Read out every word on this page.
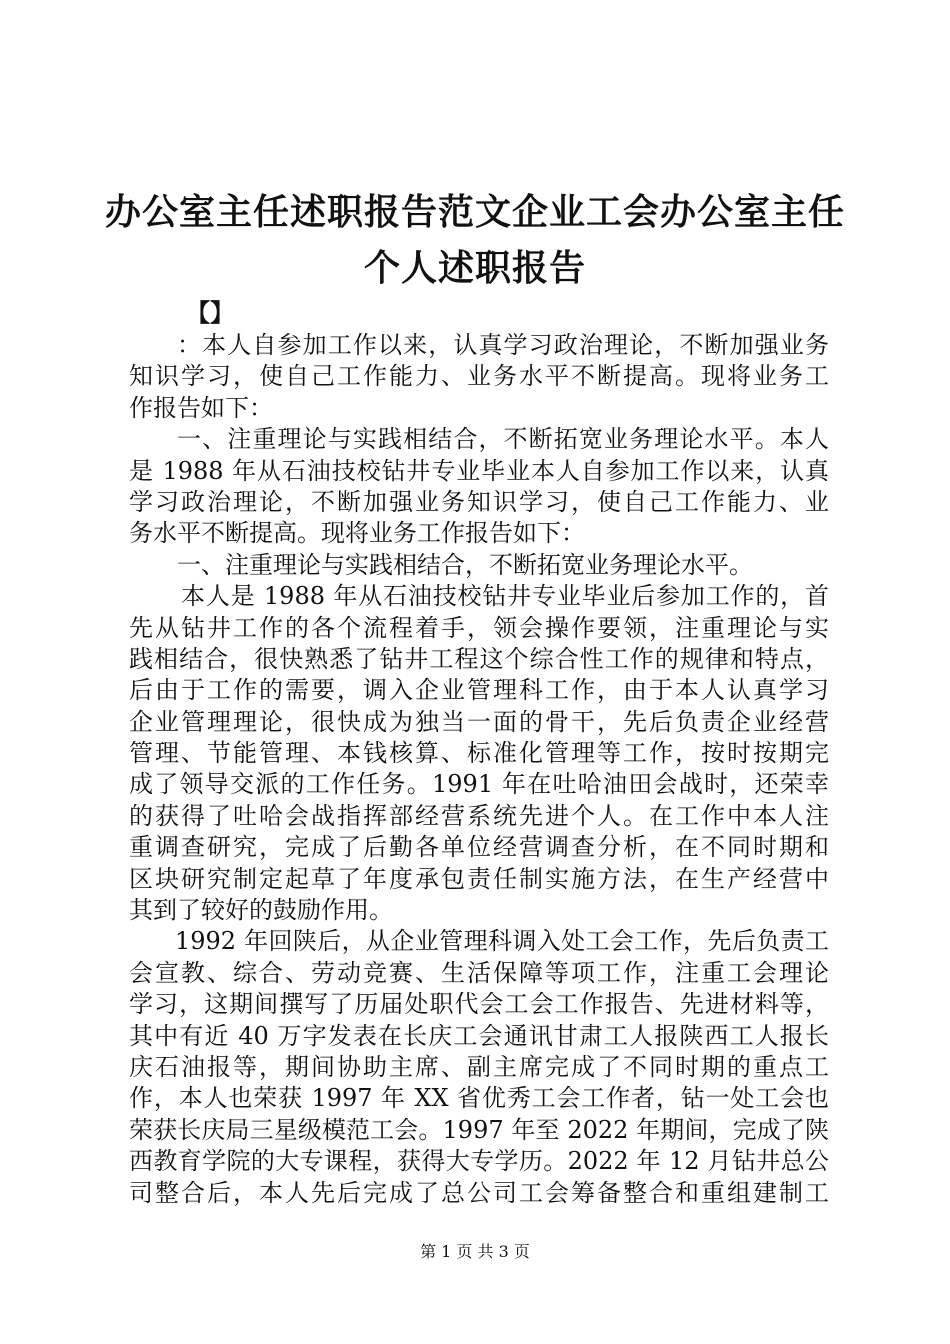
办公室主任述职报告范文企业工会办公室主任
个人述职报告
【】
：本人自参加工作以来，认真学习政治理论，不断加强业务
知识学习，使自己工作能力、业务水平不断提高。现将业务工
作报告如下：
一、注重理论与实践相结合，不断拓宽业务理论水平。本人
是 1988 年从石油技校钻井专业毕业本人自参加工作以来，认真
学习政治理论，不断加强业务知识学习，使自己工作能力、业
务水平不断提高。现将业务工作报告如下：
一、注重理论与实践相结合，不断拓宽业务理论水平。
本人是 1988 年从石油技校钻井专业毕业后参加工作的，首
先从钻井工作的各个流程着手，领会操作要领，注重理论与实
践相结合，很快熟悉了钻井工程这个综合性工作的规律和特点，
后由于工作的需要，调入企业管理科工作，由于本人认真学习
企业管理理论，很快成为独当一面的骨干，先后负责企业经营
管理、节能管理、本钱核算、标准化管理等工作，按时按期完
成了领导交派的工作任务。1991 年在吐哈油田会战时，还荣幸
的获得了吐哈会战指挥部经营系统先进个人。在工作中本人注
重调查研究，完成了后勤各单位经营调查分析，在不同时期和
区块研究制定起草了年度承包责任制实施方法，在生产经营中
其到了较好的鼓励作用。
1992 年回陕后，从企业管理科调入处工会工作，先后负责工
会宣教、综合、劳动竞赛、生活保障等项工作，注重工会理论
学习，这期间撰写了历届处职代会工会工作报告、先进材料等，
其中有近 40 万字发表在长庆工会通讯甘肃工人报陕西工人报长
庆石油报等，期间协助主席、副主席完成了不同时期的重点工
作，本人也荣获 1997 年 XX 省优秀工会工作者，钻一处工会也
荣获长庆局三星级模范工会。1997 年至 2022 年期间，完成了陕
西教育学院的大专课程，获得大专学历。2022 年 12 月钻井总公
司整合后，本人先后完成了总公司工会筹备整合和重组建制工
第 1 页 共 3 页
